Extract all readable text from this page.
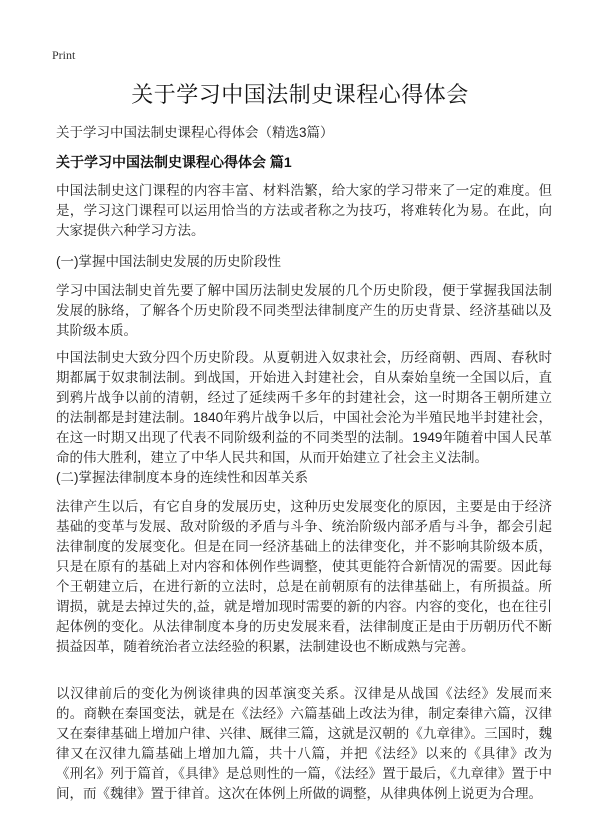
Print
关于学习中国法制史课程心得体会
关于学习中国法制史课程心得体会（精选3篇）
关于学习中国法制史课程心得体会 篇1

中国法制史这门课程的内容丰富、材料浩繁，给大家的学习带来了一定的难度。但是，学习这门课程可以运用恰当的方法或者称之为技巧，将难转化为易。在此，向大家提供六种学习方法。

(一)掌握中国法制史发展的历史阶段性

学习中国法制史首先要了解中国历法制史发展的几个历史阶段，便于掌握我国法制发展的脉络，了解各个历史阶段不同类型法律制度产生的历史背景、经济基础以及其阶级本质。

中国法制史大致分四个历史阶段。从夏朝进入奴隶社会，历经商朝、西周、春秋时期都属于奴隶制法制。到战国，开始进入封建社会，自从秦始皇统一全国以后，直到鸦片战争以前的清朝，经过了延续两千多年的封建社会，这一时期各王朝所建立的法制都是封建法制。1840年鸦片战争以后，中国社会沦为半殖民地半封建社会，在这一时期又出现了代表不同阶级利益的不同类型的法制。1949年随着中国人民革命的伟大胜利，建立了中华人民共和国，从而开始建立了社会主义法制。

(二)掌握法律制度本身的连续性和因革关系

法律产生以后，有它自身的发展历史，这种历史发展变化的原因，主要是由于经济基础的变革与发展、敌对阶级的矛盾与斗争、统治阶级内部矛盾与斗争，都会引起法律制度的发展变化。但是在同一经济基础上的法律变化，并不影响其阶级本质，只是在原有的基础上对内容和体例作些调整，使其更能符合新情况的需要。因此每个王朝建立后，在进行新的立法时，总是在前朝原有的法律基础上，有所损益。所谓损，就是去掉过失的,益，就是增加现时需要的新的内容。内容的变化，也在往引起体例的变化。从法律制度本身的历史发展来看，法律制度正是由于历朝历代不断损益因革，随着统治者立法经验的积累，法制建设也不断成熟与完善。

以汉律前后的变化为例谈律典的因革演变关系。汉律是从战国《法经》发展而来的。商鞅在秦国变法，就是在《法经》六篇基础上改法为律，制定秦律六篇，汉律又在秦律基础上增加户律、兴律、厩律三篇，这就是汉朝的《九章律》。三国时，魏律又在汉律九篇基础上增加九篇，共十八篇，并把《法经》以来的《具律》改为《刑名》列于篇首，《具律》是总则性的一篇，《法经》置于最后，《九章律》置于中间，而《魏律》置于律首。这次在体例上所做的调整，从律典体例上说更为合理。
